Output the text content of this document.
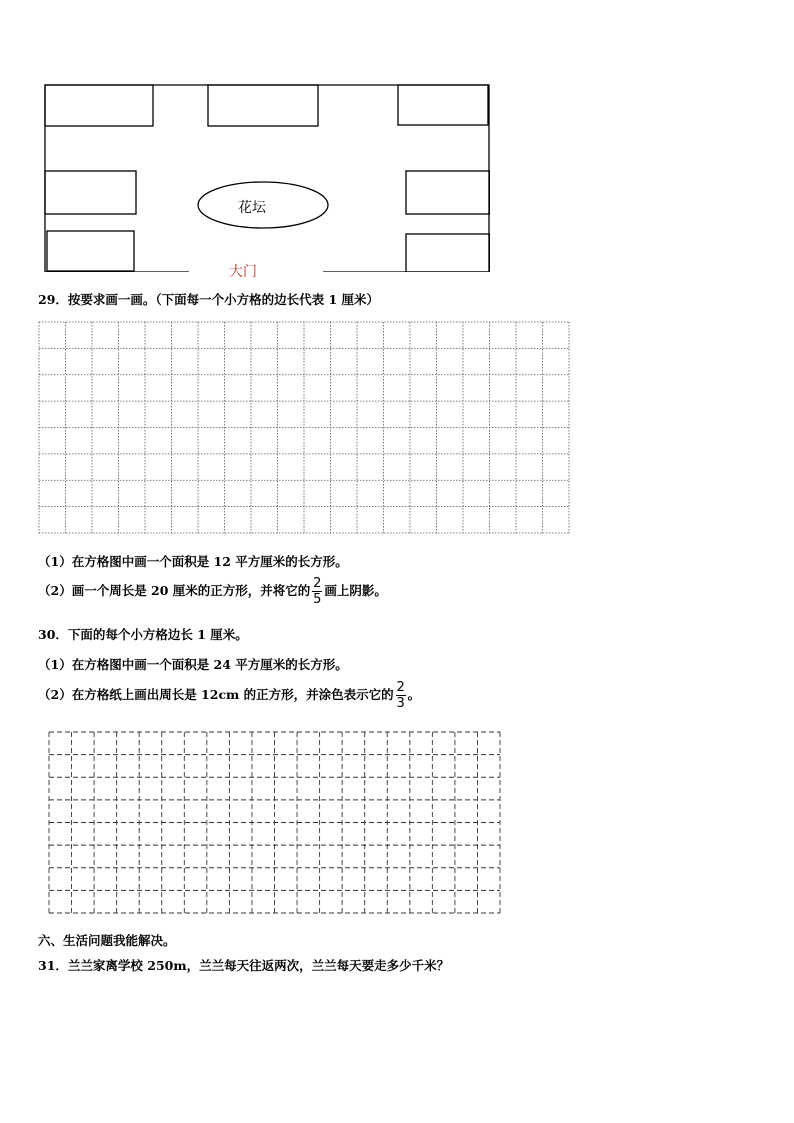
花坛
大门
29．按要求画一画。（下面每一个小方格的边长代表 1 厘米）
（1）在方格图中画一个面积是 12 平方厘米的长方形。
（2）画一个周长是 20 厘米的正方形，并将它的 $\frac{2}{5}$ 画上阴影。
30．下面的每个小方格边长 1 厘米。
（1）在方格图中画一个面积是 24 平方厘米的长方形。
（2）在方格纸上画出周长是 12cm 的正方形，并涂色表示它的 $\frac{2}{3}$ 。
六、生活问题我能解决。
31．兰兰家离学校 250m，兰兰每天往返两次，兰兰每天要走多少千米？
